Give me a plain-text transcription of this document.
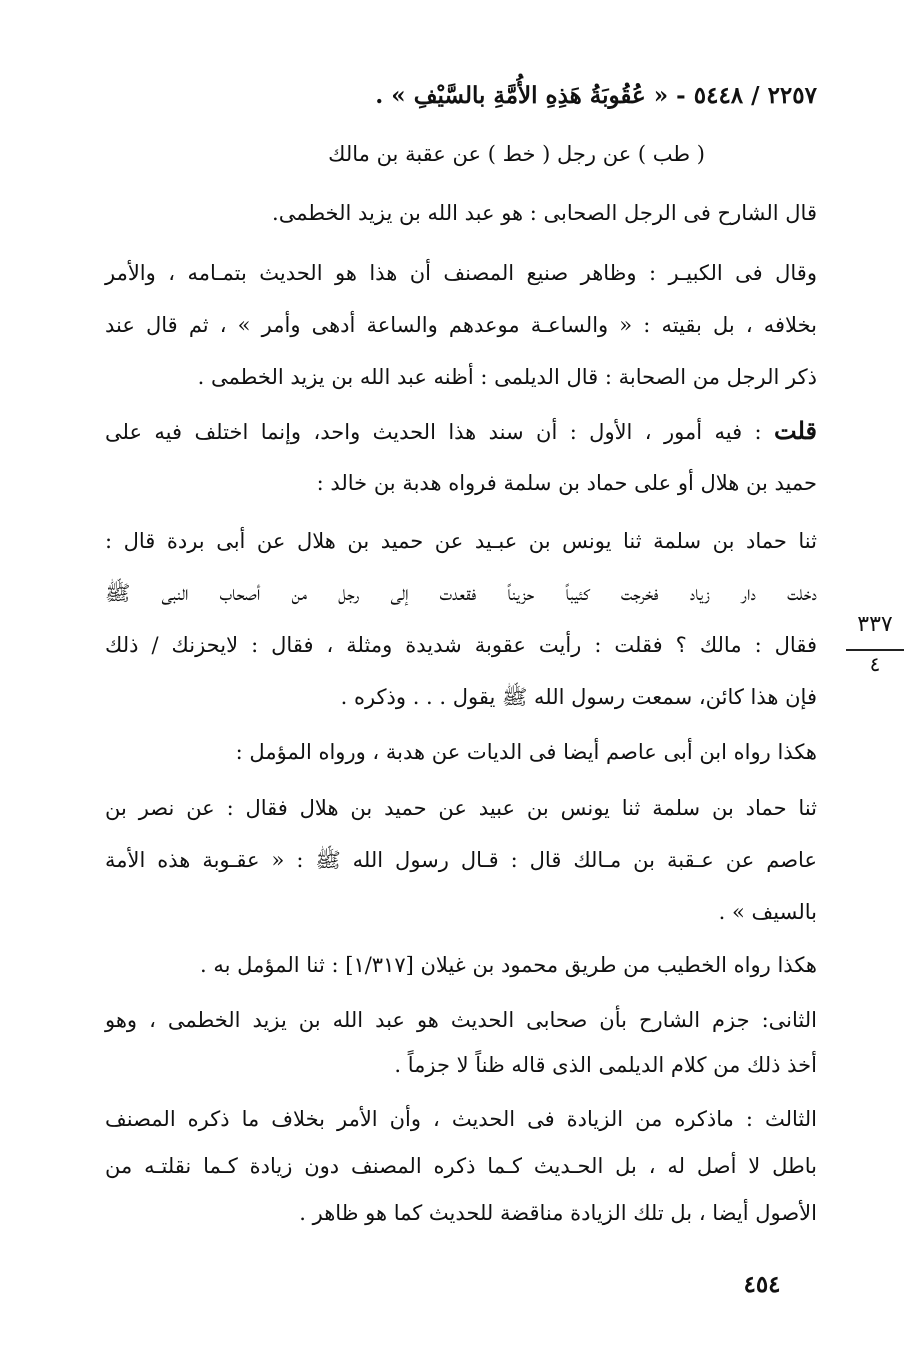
٢٢٥٧ / ٥٤٤٨ - « عُقُوبَةُ هَذِهِ الأُمَّةِ بالسَّيْفِ » .
( طب ) عن رجل ( خط ) عن عقبة بن مالك
قال الشارح فى الرجل الصحابى : هو عبد الله بن يزيد الخطمى.
وقال فى الكبيـر : وظاهر صنيع المصنف أن هذا هو الحديث بتمـامه ، والأمر
بخلافه ، بل بقيته : « والساعـة موعدهم والساعة أدهى وأمر » ، ثم قال عند
ذكر الرجل من الصحابة : قال الديلمى : أظنه عبد الله بن يزيد الخطمى .
قلت : فيه أمور ، الأول : أن سند هذا الحديث واحد، وإنما اختلف فيه على
حميد بن هلال أو على حماد بن سلمة فرواه هدبة بن خالد :
ثنا حماد بن سلمة ثنا يونس بن عبـيد عن حميد بن هلال عن أبى بردة قال :
دخلت دار زياد فخرجت كئيباً حزيناً فقعدت إلى رجل من أصحاب النبى ﷺ
فقال : مالك ؟ فقلت : رأيت عقوبة شديدة ومثلة ، فقال : لايحزنك / ذلك
فإن هذا كائن، سمعت رسول الله ﷺ يقول . . . وذكره .
هكذا رواه ابن أبى عاصم أيضا فى الديات عن هدبة ، ورواه المؤمل :
ثنا حماد بن سلمة ثنا يونس بن عبيد عن حميد بن هلال فقال : عن نصر بن
عاصم عن عـقبة بن مـالك قال : قـال رسول الله ﷺ : « عقـوبة هذه الأمة
بالسيف » .
هكذا رواه الخطيب من طريق محمود بن غيلان [١/٣١٧] : ثنا المؤمل به .
الثانى: جزم الشارح بأن صحابى الحديث هو عبد الله بن يزيد الخطمى ، وهو
أخذ ذلك من كلام الديلمى الذى قاله ظناً لا جزماً .
الثالث : ماذكره من الزيادة فى الحديث ، وأن الأمر بخلاف ما ذكره المصنف
باطل لا أصل له ، بل الحـديث كـما ذكره المصنف دون زيادة كـما نقلتـه من
الأصول أيضا ، بل تلك الزيادة مناقضة للحديث كما هو ظاهر .
٣٣٧
٤
٤٥٤
